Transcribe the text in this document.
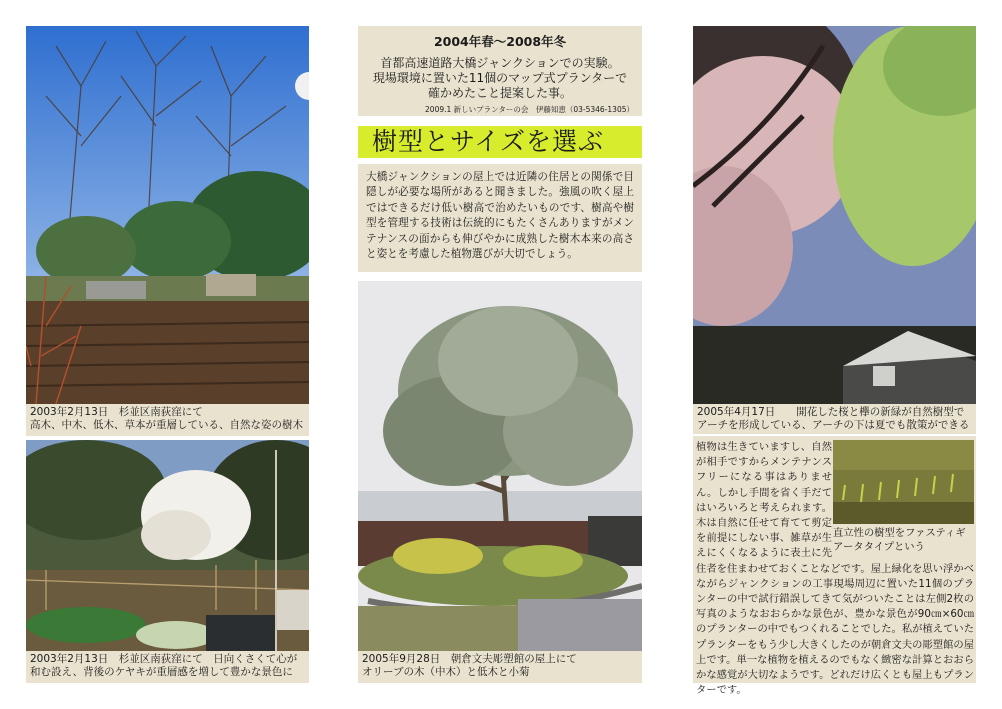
2003年2月13日　杉並区南荻窪にて
高木、中木、低木、草本が重層している、自然な姿の樹木
2003年2月13日　杉並区南荻窪にて　日向くさくて心が
和む設え、背後のケヤキが重層感を増して豊かな景色に
2004年春〜2008年冬
首都高速道路大橋ジャンクションでの実験。
現場環境に置いた11個のマップ式プランターで
確かめたこと提案した事。
2009.1 新しいプランターの会　伊藤知恵（03-5346-1305）
樹型とサイズを選ぶ
大橋ジャンクションの屋上では近隣の住居との関係で目隠しが必要な場所があると聞きました。強風の吹く屋上ではできるだけ低い樹高で治めたいものです、樹高や樹型を管理する技術は伝統的にもたくさんありますがメンテナンスの面からも伸びやかに成熟した樹木本来の高さと姿とを考慮した植物選びが大切でしょう。
2005年9月28日　朝倉文夫彫塑館の屋上にて
オリーブの木（中木）と低木と小菊
2005年4月17日　　開花した桜と欅の新緑が自然樹型で
アーチを形成している、アーチの下は夏でも散策ができる
直立性の樹型をファスティギアータタイプという
植物は生きていますし、自然が相手ですからメンテナンスフリーになる事はありません。しかし手間を省く手だてはいろいろと考えられます。木は自然に任せて育てて剪定を前提にしない事、雑草が生えにくくなるように表土に先住者を住まわせておくことなどです。屋上緑化を思い浮かべながらジャンクションの工事現場周辺に置いた11個のプランターの中で試行錯誤してきて気がついたことは左側2枚の写真のようなおおらかな景色が、豊かな景色が90㎝×60㎝のプランターの中でもつくれることでした。私が植えていたプランターをもう少し大きくしたのが朝倉文夫の彫塑館の屋上です。単一な植物を植えるのでもなく緻密な計算とおおらかな感覚が大切なようです。どれだけ広くとも屋上もプランターです。
